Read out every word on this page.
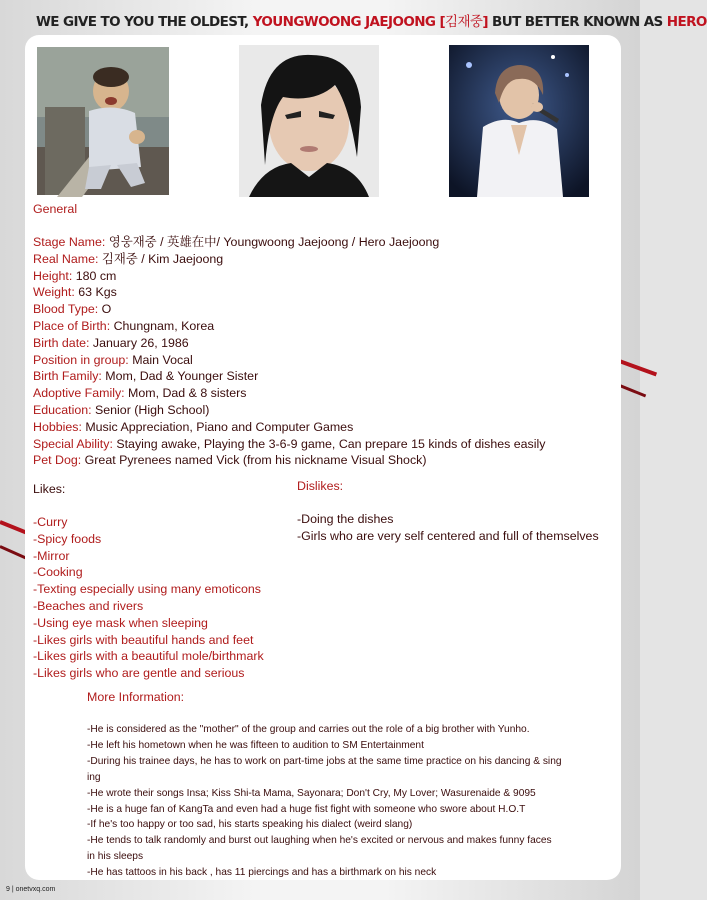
WE GIVE TO YOU THE OLDEST, YOUNGWOONG JAEJOONG [김재중] BUT BETTER KNOWN AS HERO
General
Stage Name: 영웅재중 / 英雄在中/ Youngwoong Jaejoong / Hero Jaejoong
Real Name: 김재중 / Kim Jaejoong
Height: 180 cm
Weight: 63 Kgs
Blood Type: O
Place of Birth: Chungnam, Korea
Birth date: January 26, 1986
Position in group: Main Vocal
Birth Family: Mom, Dad & Younger Sister
Adoptive Family: Mom, Dad & 8 sisters
Education: Senior (High School)
Hobbies: Music Appreciation, Piano and Computer Games
Special Ability: Staying awake, Playing the 3-6-9 game, Can prepare 15 kinds of dishes easily
Pet Dog: Great Pyrenees named Vick (from his nickname Visual Shock)
Likes:
-Curry
-Spicy foods
-Mirror
-Cooking
-Texting especially using many emoticons
-Beaches and rivers
-Using eye mask when sleeping
-Likes girls with beautiful hands and feet
-Likes girls with a beautiful mole/birthmark
-Likes girls who are gentle and serious
Dislikes:
-Doing the dishes
-Girls who are very self centered and full of themselves
More Information:
-He is considered as the "mother" of the group and carries out the role of a big brother with Yunho.
-He left his hometown when he was fifteen to audition to SM Entertainment
-During his trainee days, he has to work on part-time jobs at the same time practice on his dancing & sing
ing
-He wrote their songs Insa; Kiss Shi-ta Mama, Sayonara; Don't Cry, My Lover; Wasurenaide & 9095
-He is a huge fan of KangTa and even had a huge fist fight with someone who swore about H.O.T
-If he's too happy or too sad, his starts speaking his dialect (weird slang)
-He tends to talk randomly and burst out laughing when he's excited or nervous and makes funny faces
in his sleeps
-He has tattoos in his back , has 11 piercings and has a birthmark on his neck
9 | onetvxq.com
